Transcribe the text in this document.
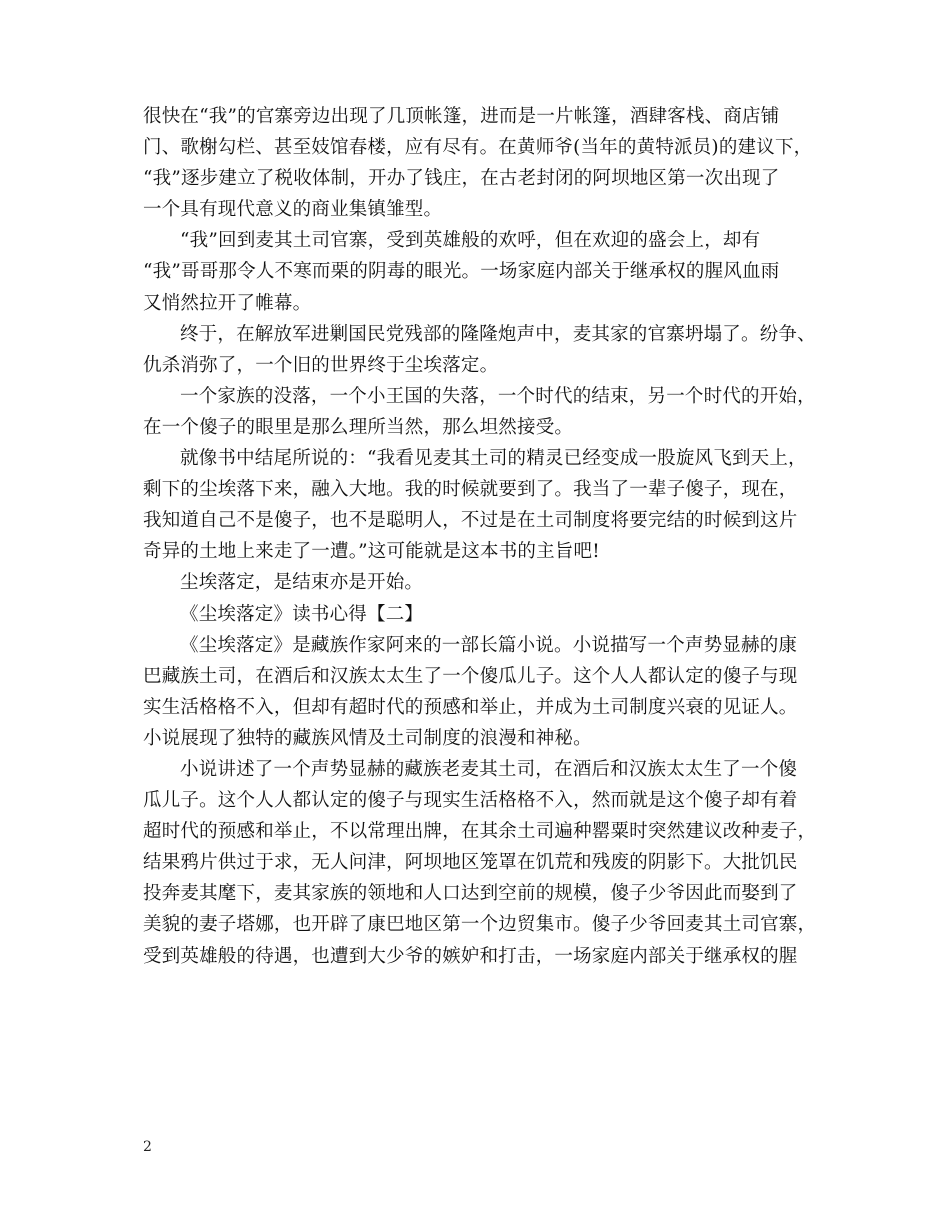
很快在“我”的官寨旁边出现了几顶帐篷，进而是一片帐篷，酒肆客栈、商店铺
门、歌榭勾栏、甚至妓馆春楼，应有尽有。在黄师爷(当年的黄特派员)的建议下，
“我”逐步建立了税收体制，开办了钱庄，在古老封闭的阿坝地区第一次出现了
一个具有现代意义的商业集镇雏型。
“我”回到麦其土司官寨，受到英雄般的欢呼，但在欢迎的盛会上，却有
“我”哥哥那令人不寒而栗的阴毒的眼光。一场家庭内部关于继承权的腥风血雨
又悄然拉开了帷幕。
终于，在解放军进剿国民党残部的隆隆炮声中，麦其家的官寨坍塌了。纷争、
仇杀消弥了，一个旧的世界终于尘埃落定。
一个家族的没落，一个小王国的失落，一个时代的结束，另一个时代的开始，
在一个傻子的眼里是那么理所当然，那么坦然接受。
就像书中结尾所说的：“我看见麦其土司的精灵已经变成一股旋风飞到天上，
剩下的尘埃落下来，融入大地。我的时候就要到了。我当了一辈子傻子，现在，
我知道自己不是傻子，也不是聪明人，不过是在土司制度将要完结的时候到这片
奇异的土地上来走了一遭。”这可能就是这本书的主旨吧!
尘埃落定，是结束亦是开始。
《尘埃落定》读书心得【二】
《尘埃落定》是藏族作家阿来的一部长篇小说。小说描写一个声势显赫的康
巴藏族土司，在酒后和汉族太太生了一个傻瓜儿子。这个人人都认定的傻子与现
实生活格格不入，但却有超时代的预感和举止，并成为土司制度兴衰的见证人。
小说展现了独特的藏族风情及土司制度的浪漫和神秘。
小说讲述了一个声势显赫的藏族老麦其土司，在酒后和汉族太太生了一个傻
瓜儿子。这个人人都认定的傻子与现实生活格格不入，然而就是这个傻子却有着
超时代的预感和举止，不以常理出牌，在其余土司遍种罂粟时突然建议改种麦子，
结果鸦片供过于求，无人问津，阿坝地区笼罩在饥荒和残废的阴影下。大批饥民
投奔麦其麾下，麦其家族的领地和人口达到空前的规模，傻子少爷因此而娶到了
美貌的妻子塔娜，也开辟了康巴地区第一个边贸集市。傻子少爷回麦其土司官寨，
受到英雄般的待遇，也遭到大少爷的嫉妒和打击，一场家庭内部关于继承权的腥
2
